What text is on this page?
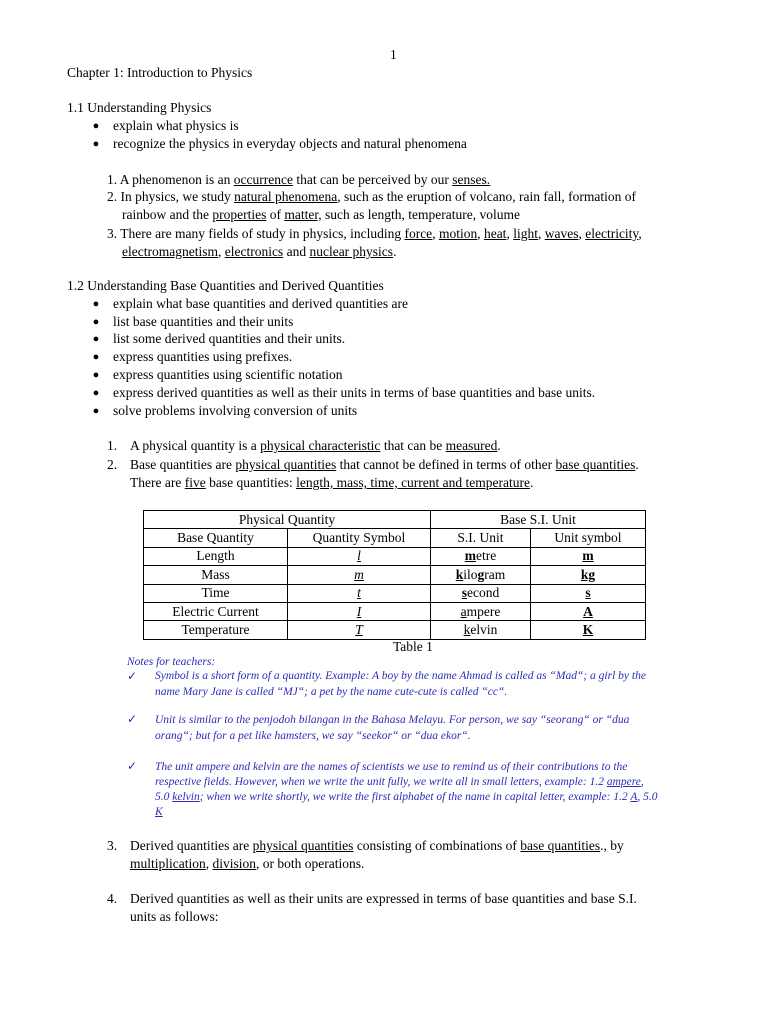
1
Chapter 1: Introduction to Physics
1.1 Understanding Physics
● explain what physics is
● recognize the physics in everyday objects and natural phenomena
1. A phenomenon is an occurrence that can be perceived by our senses.
2. In physics, we study natural phenomena, such as the eruption of volcano, rain fall, formation of
rainbow and the properties of matter, such as length, temperature, volume
3. There are many fields of study in physics, including force, motion, heat, light, waves, electricity,
electromagnetism, electronics and nuclear physics.
1.2 Understanding Base Quantities and Derived Quantities
● explain what base quantities and derived quantities are
● list base quantities and their units
● list some derived quantities and their units.
● express quantities using prefixes.
● express quantities using scientific notation
● express derived quantities as well as their units in terms of base quantities and base units.
● solve problems involving conversion of units
1. A physical quantity is a physical characteristic that can be measured.
2. Base quantities are physical quantities that cannot be defined in terms of other base quantities.
There are five base quantities: length, mass, time, current and temperature.
Physical Quantity		Base S.I. Unit	
Base Quantity	Quantity Symbol	S.I. Unit	Unit symbol
Length	l	metre	m
Mass	m	kilogram	kg
Time	t	second	s
Electric Current	I	ampere	A
Temperature	T	kelvin	K
Table 1
Notes for teachers:
✓ Symbol is a short form of a quantity. Example: A boy by the name Ahmad is called as “Mad“; a girl by the
name Mary Jane is called “MJ“; a pet by the name cute-cute is called “cc“.
✓ Unit is similar to the penjodoh bilangan in the Bahasa Melayu. For person, we say “seorang“ or “dua
orang“; but for a pet like hamsters, we say “seekor“ or “dua ekor“.
✓ The unit ampere and kelvin are the names of scientists we use to remind us of their contributions to the
respective fields. However, when we write the unit fully, we write all in small letters, example: 1.2 ampere,
5.0 kelvin; when we write shortly, we write the first alphabet of the name in capital letter, example: 1.2 A, 5.0
K
3. Derived quantities are physical quantities consisting of combinations of base quantities., by
multiplication, division, or both operations.
4. Derived quantities as well as their units are expressed in terms of base quantities and base S.I.
units as follows:
